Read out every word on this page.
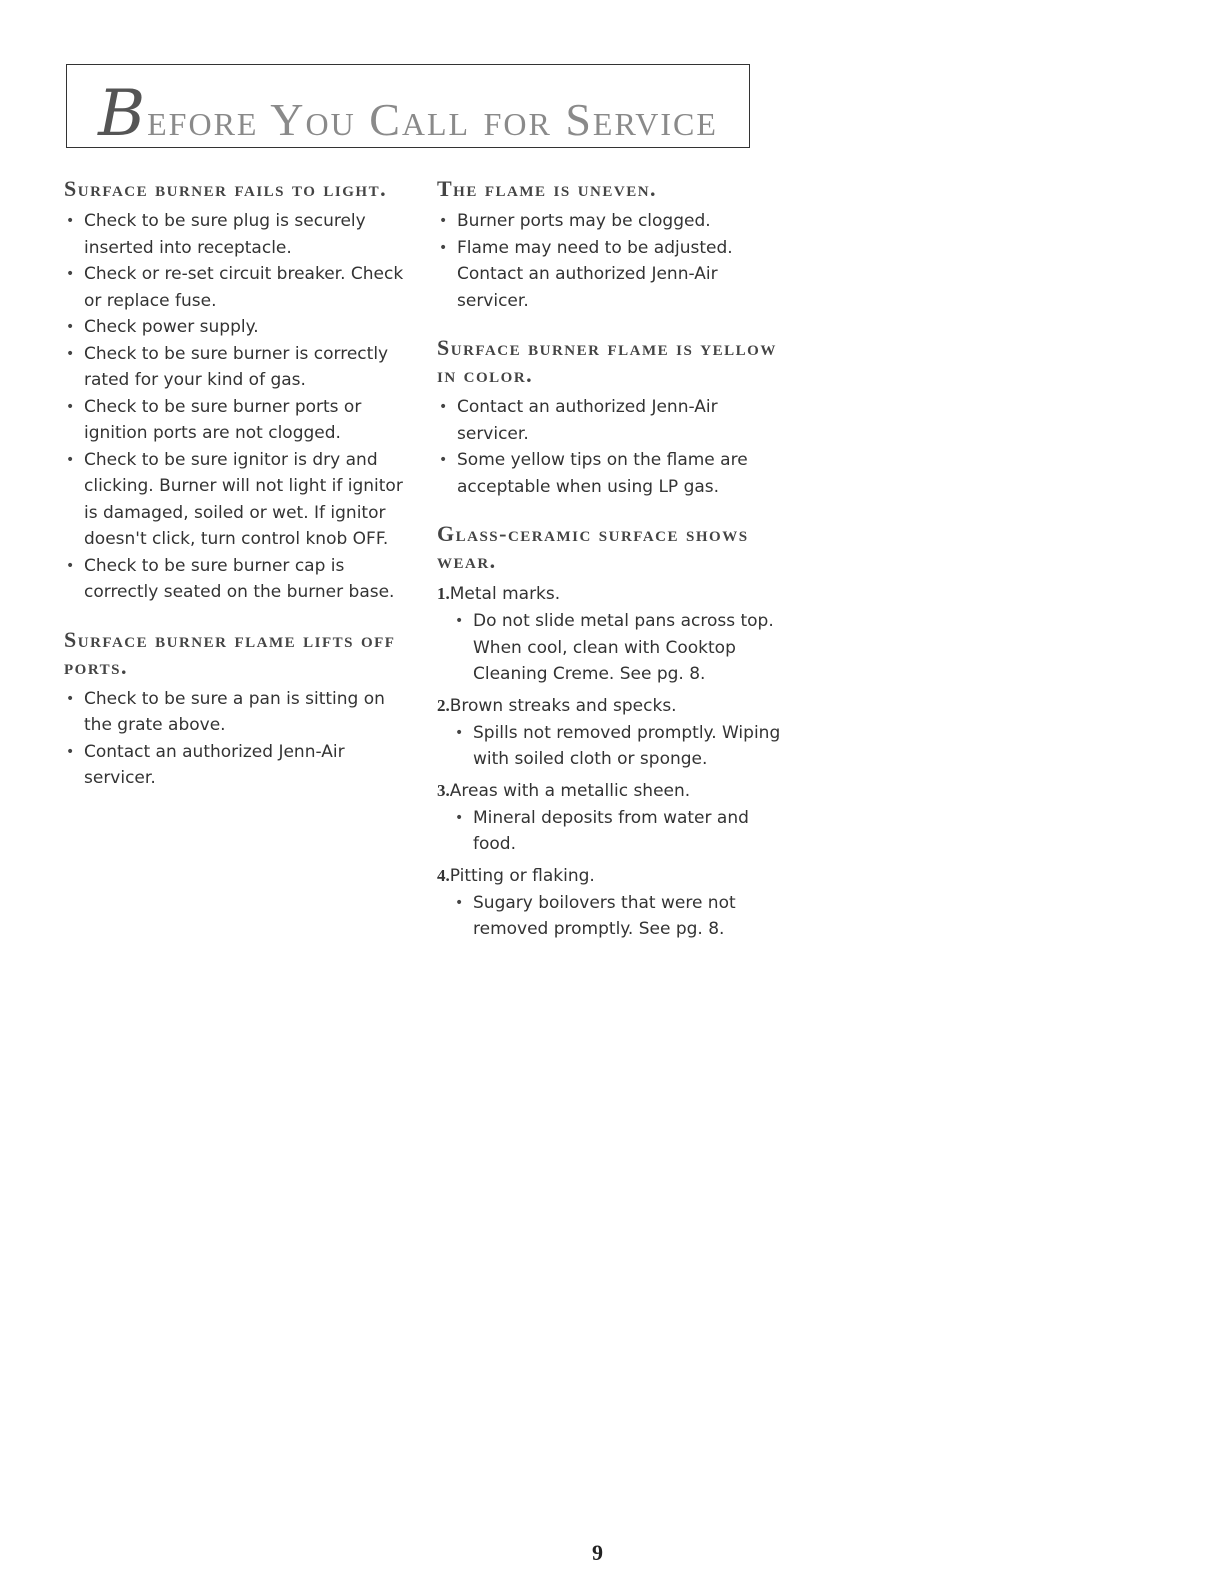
Before You Call for Service
Surface burner fails to light.
• Check to be sure plug is securely inserted into receptacle.
• Check or re-set circuit breaker. Check or replace fuse.
• Check power supply.
• Check to be sure burner is correctly rated for your kind of gas.
• Check to be sure burner ports or ignition ports are not clogged.
• Check to be sure ignitor is dry and clicking. Burner will not light if ignitor is damaged, soiled or wet. If ignitor doesn't click, turn control knob OFF.
• Check to be sure burner cap is correctly seated on the burner base.
Surface burner flame lifts off ports.
• Check to be sure a pan is sitting on the grate above.
• Contact an authorized Jenn-Air servicer.
The flame is uneven.
• Burner ports may be clogged.
• Flame may need to be adjusted. Contact an authorized Jenn-Air servicer.
Surface burner flame is yellow in color.
• Contact an authorized Jenn-Air servicer.
• Some yellow tips on the flame are acceptable when using LP gas.
Glass-ceramic surface shows wear.
1.Metal marks.
• Do not slide metal pans across top. When cool, clean with Cooktop Cleaning Creme. See pg. 8.
2.Brown streaks and specks.
• Spills not removed promptly. Wiping with soiled cloth or sponge.
3.Areas with a metallic sheen.
• Mineral deposits from water and food.
4.Pitting or flaking.
• Sugary boilovers that were not removed promptly. See pg. 8.
9
